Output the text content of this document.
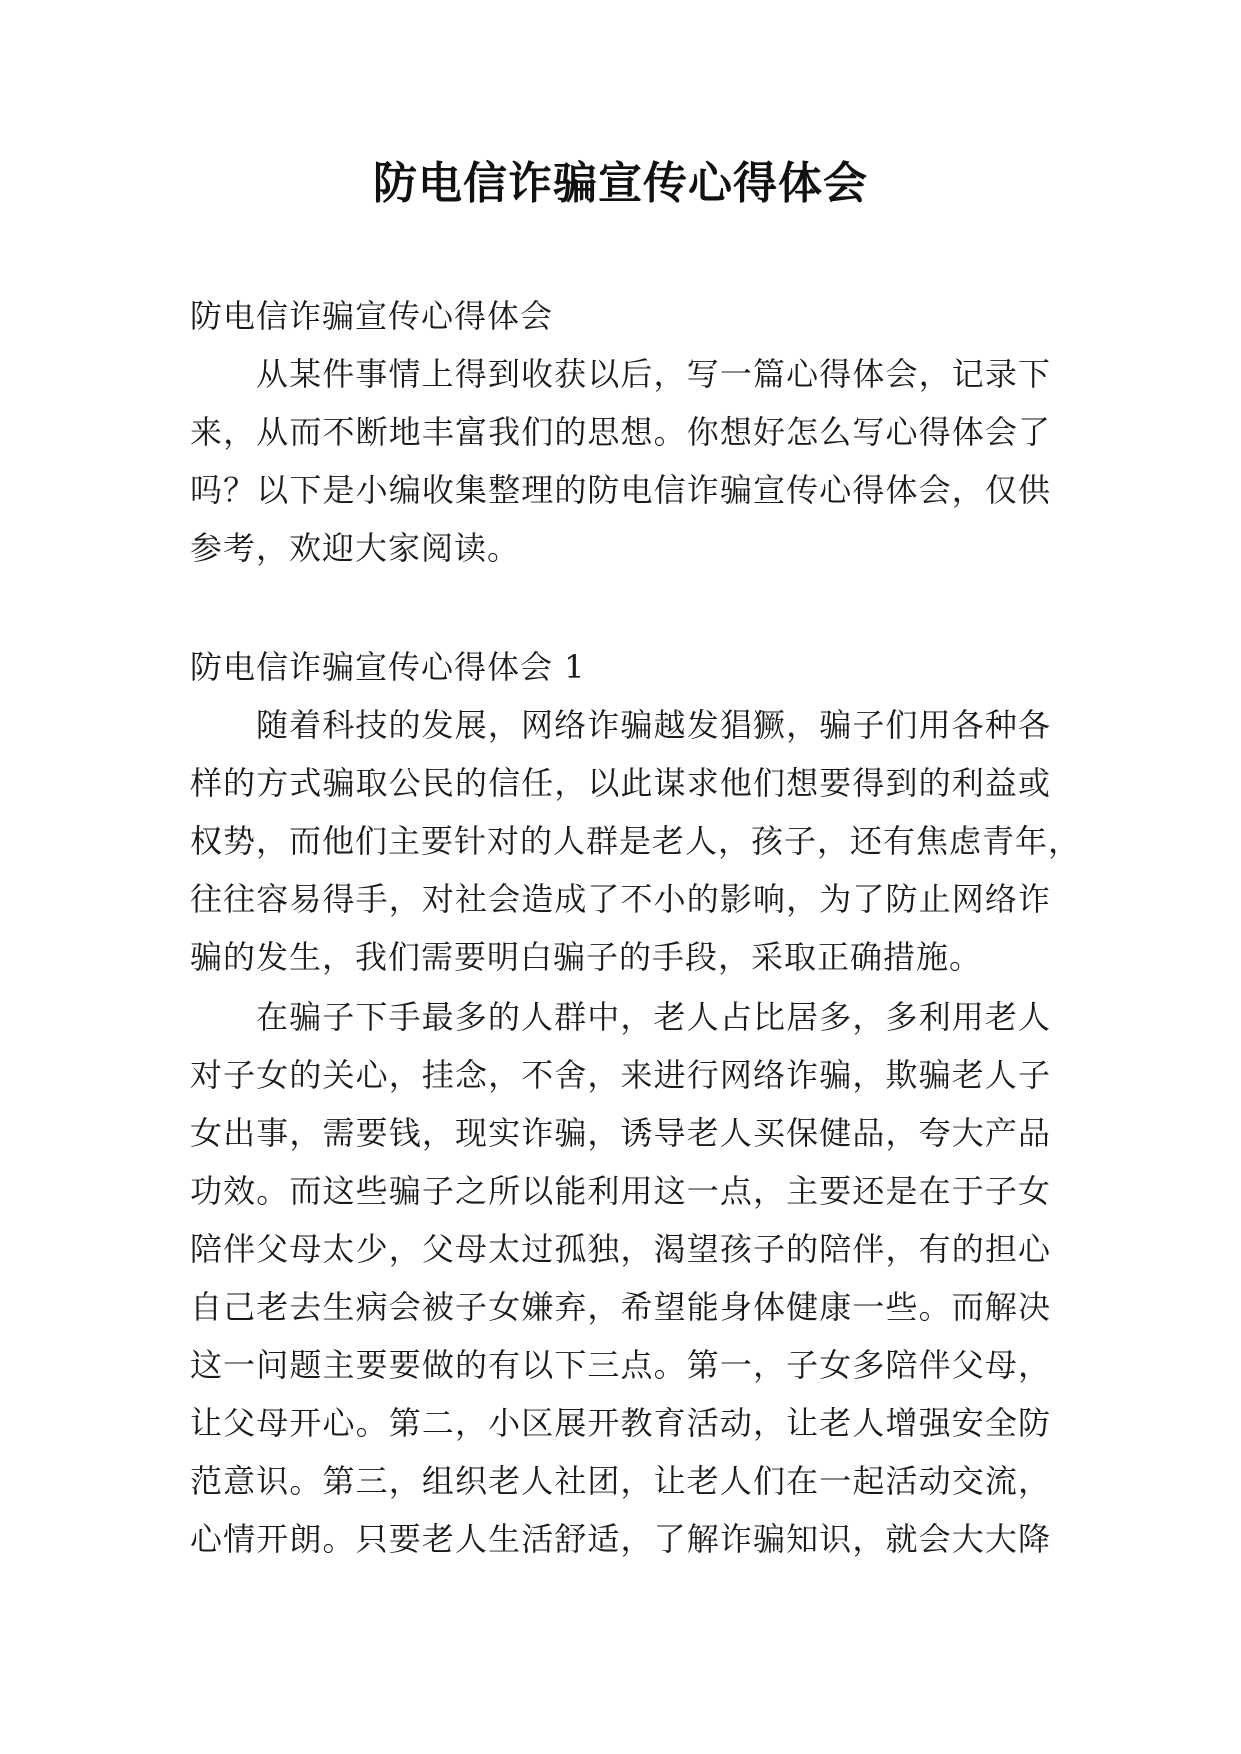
防电信诈骗宣传心得体会
防电信诈骗宣传心得体会
从某件事情上得到收获以后，写一篇心得体会，记录下
来，从而不断地丰富我们的思想。你想好怎么写心得体会了
吗？以下是小编收集整理的防电信诈骗宣传心得体会，仅供
参考，欢迎大家阅读。
防电信诈骗宣传心得体会 1
随着科技的发展，网络诈骗越发猖獗，骗子们用各种各
样的方式骗取公民的信任，以此谋求他们想要得到的利益或
权势，而他们主要针对的人群是老人，孩子，还有焦虑青年，
往往容易得手，对社会造成了不小的影响，为了防止网络诈
骗的发生，我们需要明白骗子的手段，采取正确措施。
在骗子下手最多的人群中，老人占比居多，多利用老人
对子女的关心，挂念，不舍，来进行网络诈骗，欺骗老人子
女出事，需要钱，现实诈骗，诱导老人买保健品，夸大产品
功效。而这些骗子之所以能利用这一点，主要还是在于子女
陪伴父母太少，父母太过孤独，渴望孩子的陪伴，有的担心
自己老去生病会被子女嫌弃，希望能身体健康一些。而解决
这一问题主要要做的有以下三点。第一，子女多陪伴父母，
让父母开心。第二，小区展开教育活动，让老人增强安全防
范意识。第三，组织老人社团，让老人们在一起活动交流，
心情开朗。只要老人生活舒适，了解诈骗知识，就会大大降
